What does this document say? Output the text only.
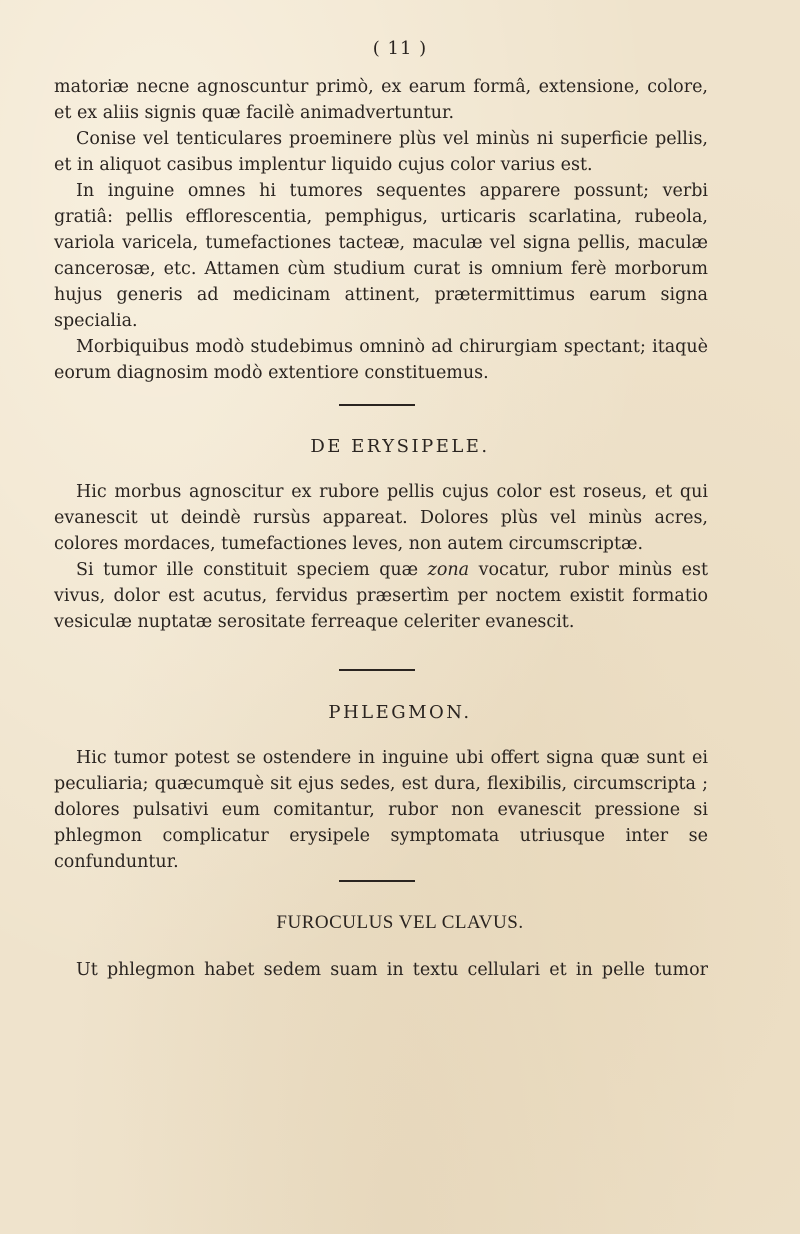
( 11 )

matoriæ necne agnoscuntur primò, ex earum formâ, extensione, colore, et ex aliis signis quæ facilè animadvertuntur.

Conise vel tenticulares proeminere plùs vel minùs ni superficie pellis, et in aliquot casibus implentur liquido cujus color varius est.

In inguine omnes hi tumores sequentes apparere possunt; verbi gratiâ: pellis efflorescentia, pemphigus, urticaris scarlatina, rubeola, variola varicela, tumefactiones tacteæ, maculæ vel signa pellis, maculæ cancerosæ, etc. Attamen cùm studium curat is omnium ferè morborum hujus generis ad medicinam attinent, prætermittimus earum signa specialia.

Morbiquibus modò studebimus omninò ad chirurgiam spectant; itaquè eorum diagnosim modò extentiore constituemus.

DE ERYSIPELE.

Hic morbus agnoscitur ex rubore pellis cujus color est roseus, et qui evanescit ut deindè rursùs appareat. Dolores plùs vel minùs acres, colores mordaces, tumefactiones leves, non autem circumscriptæ.

Si tumor ille constituit speciem quæ zona vocatur, rubor minùs est vivus, dolor est acutus, fervidus præsertìm per noctem existit formatio vesiculæ nuptatæ serositate ferreaque celeriter evanescit.

PHLEGMON.

Hic tumor potest se ostendere in inguine ubi offert signa quæ sunt ei peculiaria; quæcumquè sit ejus sedes, est dura, flexibilis, circumscripta ; dolores pulsativi eum comitantur, rubor non evanescit pressione si phlegmon complicatur erysipele symptomata utriusque inter se confunduntur.

FUROCULUS VEL CLAVUS.

Ut phlegmon habet sedem suam in textu cellulari et in pelle tumor
